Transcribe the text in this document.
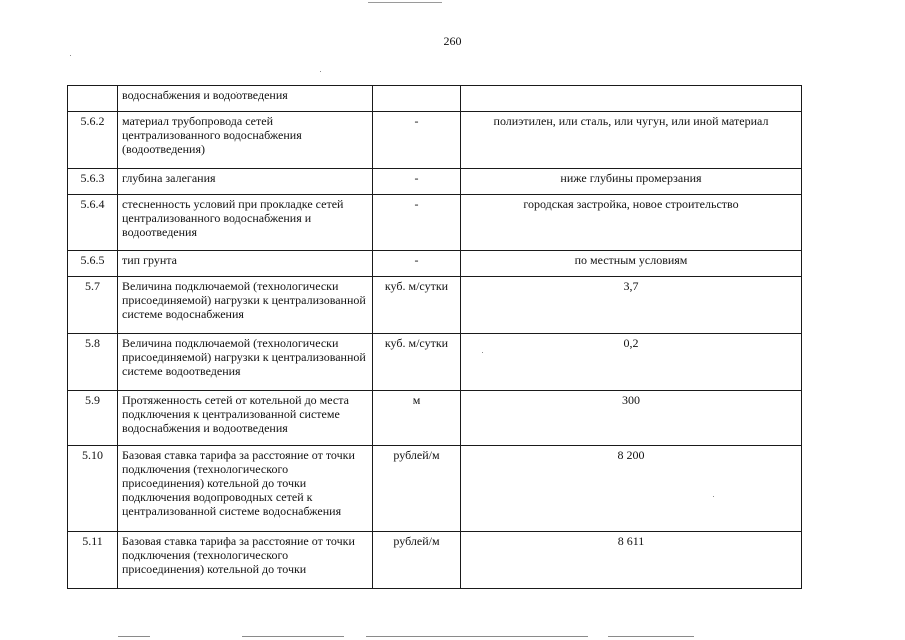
260
	водоснабжения и водоотведения		
5.6.2	материал трубопровода сетей централизованного водоснабжения (водоотведения)	-	полиэтилен, или сталь, или чугун, или иной материал
5.6.3	глубина залегания	-	ниже глубины промерзания
5.6.4	стесненность условий при прокладке сетей централизованного водоснабжения и водоотведения	-	городская застройка, новое строительство
5.6.5	тип грунта	-	по местным условиям
5.7	Величина подключаемой (технологически присоединяемой) нагрузки к централизованной системе водоснабжения	куб. м/сутки	3,7
5.8	Величина подключаемой (технологически присоединяемой) нагрузки к централизованной системе водоотведения	куб. м/сутки	0,2
5.9	Протяженность сетей от котельной до места подключения к централизованной системе водоснабжения и водоотведения	м	300
5.10	Базовая ставка тарифа за расстояние от точки подключения (технологического присоединения) котельной до точки подключения водопроводных сетей к централизованной системе водоснабжения	рублей/м	8 200
5.11	Базовая ставка тарифа за расстояние от точки подключения (технологического присоединения) котельной до точки	рублей/м	8 611
